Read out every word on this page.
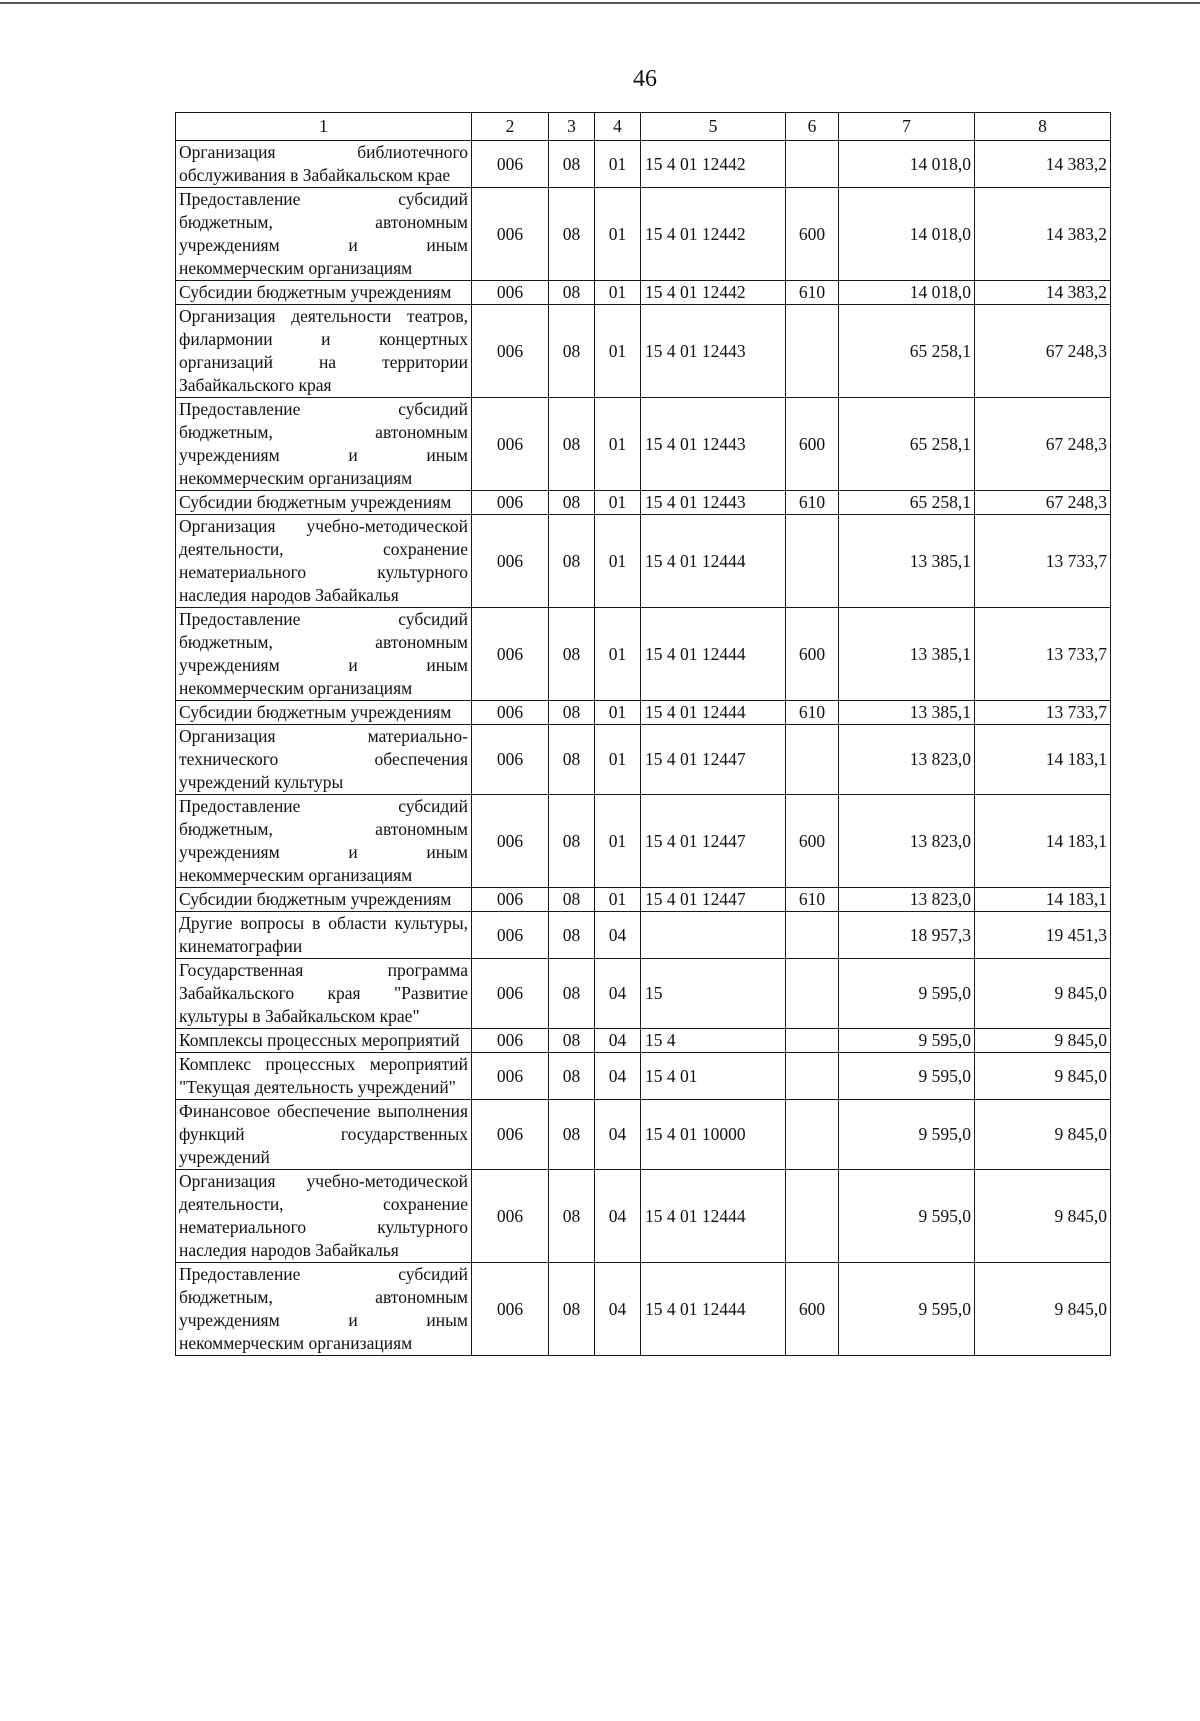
46
1	2	3	4	5	6	7	8
Организация библиотечного обслуживания в Забайкальском крае	006	08	01	15 4 01 12442		14 018,0	14 383,2
Предоставление субсидий бюджетным, автономным учреждениям и иным некоммерческим организациям	006	08	01	15 4 01 12442	600	14 018,0	14 383,2
Субсидии бюджетным учреждениям	006	08	01	15 4 01 12442	610	14 018,0	14 383,2
Организация деятельности театров, филармонии и концертных организаций на территории Забайкальского края	006	08	01	15 4 01 12443		65 258,1	67 248,3
Предоставление субсидий бюджетным, автономным учреждениям и иным некоммерческим организациям	006	08	01	15 4 01 12443	600	65 258,1	67 248,3
Субсидии бюджетным учреждениям	006	08	01	15 4 01 12443	610	65 258,1	67 248,3
Организация учебно-методической деятельности, сохранение нематериального культурного наследия народов Забайкалья	006	08	01	15 4 01 12444		13 385,1	13 733,7
Предоставление субсидий бюджетным, автономным учреждениям и иным некоммерческим организациям	006	08	01	15 4 01 12444	600	13 385,1	13 733,7
Субсидии бюджетным учреждениям	006	08	01	15 4 01 12444	610	13 385,1	13 733,7
Организация материально-технического обеспечения учреждений культуры	006	08	01	15 4 01 12447		13 823,0	14 183,1
Предоставление субсидий бюджетным, автономным учреждениям и иным некоммерческим организациям	006	08	01	15 4 01 12447	600	13 823,0	14 183,1
Субсидии бюджетным учреждениям	006	08	01	15 4 01 12447	610	13 823,0	14 183,1
Другие вопросы в области культуры, кинематографии	006	08	04			18 957,3	19 451,3
Государственная программа Забайкальского края "Развитие культуры в Забайкальском крае"	006	08	04	15		9 595,0	9 845,0
Комплексы процессных мероприятий	006	08	04	15 4		9 595,0	9 845,0
Комплекс процессных мероприятий "Текущая деятельность учреждений"	006	08	04	15 4 01		9 595,0	9 845,0
Финансовое обеспечение выполнения функций государственных учреждений	006	08	04	15 4 01 10000		9 595,0	9 845,0
Организация учебно-методической деятельности, сохранение нематериального культурного наследия народов Забайкалья	006	08	04	15 4 01 12444		9 595,0	9 845,0
Предоставление субсидий бюджетным, автономным учреждениям и иным некоммерческим организациям	006	08	04	15 4 01 12444	600	9 595,0	9 845,0
